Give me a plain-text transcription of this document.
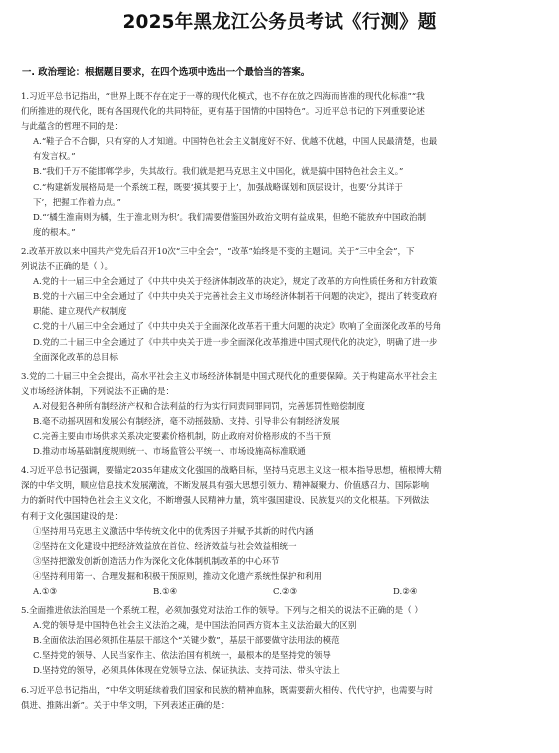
2025年黑龙江公务员考试《行测》题
一. 政治理论：根据题目要求，在四个选项中选出一个最恰当的答案。
1.习近平总书记指出，“世界上既不存在定于一尊的现代化模式，也不存在放之四海而皆准的现代化标准”“我
们所推进的现代化，既有各国现代化的共同特征，更有基于国情的中国特色”。习近平总书记的下列重要论述
与此蕴含的哲理不同的是：
A.“鞋子合不合脚，只有穿的人才知道。中国特色社会主义制度好不好、优越不优越，中国人民最清楚，也最
有发言权。”
B.“我们千万不能邯郸学步，失其故行。我们就是把马克思主义中国化，就是搞中国特色社会主义。”
C.“构建新发展格局是一个系统工程，既要‘摸其要于上’，加强战略谋划和顶层设计，也要‘分其详于
下’，把握工作着力点。”
D.“‘橘生淮南则为橘，生于淮北则为枳’。我们需要借鉴国外政治文明有益成果，但绝不能放弃中国政治制
度的根本。”
2.改革开放以来中国共产党先后召开10次“三中全会”，“改革”始终是不变的主题词。关于“三中全会”，下
列说法不正确的是（ ）。
A.党的十一届三中全会通过了《中共中央关于经济体制改革的决定》，规定了改革的方向性质任务和方针政策
B.党的十六届三中全会通过了《中共中央关于完善社会主义市场经济体制若干问题的决定》，提出了转变政府
职能、建立现代产权制度
C.党的十八届三中全会通过了《中共中央关于全面深化改革若干重大问题的决定》吹响了全面深化改革的号角
D.党的二十届三中全会通过了《中共中央关于进一步全面深化改革推进中国式现代化的决定》，明确了进一步
全面深化改革的总目标
3.党的二十届三中全会提出，高水平社会主义市场经济体制是中国式现代化的重要保障。关于构建高水平社会主
义市场经济体制，下列说法不正确的是：
A.对侵犯各种所有制经济产权和合法利益的行为实行同责同罪同罚，完善惩罚性赔偿制度
B.毫不动摇巩固和发展公有制经济，毫不动摇鼓励、支持、引导非公有制经济发展
C.完善主要由市场供求关系决定要素价格机制，防止政府对价格形成的不当干预
D.推动市场基础制度规则统一、市场监管公平统一、市场设施高标准联通
4.习近平总书记强调，要锚定2035年建成文化强国的战略目标，坚持马克思主义这一根本指导思想，植根博大精
深的中华文明，顺应信息技术发展潮流，不断发展具有强大思想引领力、精神凝聚力、价值感召力、国际影响
力的新时代中国特色社会主义文化，不断增强人民精神力量，筑牢强国建设、民族复兴的文化根基。下列做法
有利于文化强国建设的是：
①坚持用马克思主义激活中华传统文化中的优秀因子并赋予其新的时代内涵
②坚持在文化建设中把经济效益放在首位、经济效益与社会效益相统一
③坚持把激发创新创造活力作为深化文化体制机制改革的中心环节
④坚持利用第一、合理发掘和积极干预原则，推动文化遗产系统性保护和利用
A.①③	B.①④	C.②③	D.②④
5.全面推进依法治国是一个系统工程，必须加强党对法治工作的领导。下列与之相关的说法不正确的是（ ）
A.党的领导是中国特色社会主义法治之魂，是中国法治同西方资本主义法治最大的区别
B.全面依法治国必须抓住基层干部这个“关键少数”，基层干部要做守法用法的模范
C.坚持党的领导、人民当家作主、依法治国有机统一，最根本的是坚持党的领导
D.坚持党的领导，必须具体体现在党领导立法、保证执法、支持司法、带头守法上
6.习近平总书记指出，“中华文明延续着我们国家和民族的精神血脉，既需要薪火相传、代代守护，也需要与时
俱进、推陈出新”。关于中华文明，下列表述正确的是：
